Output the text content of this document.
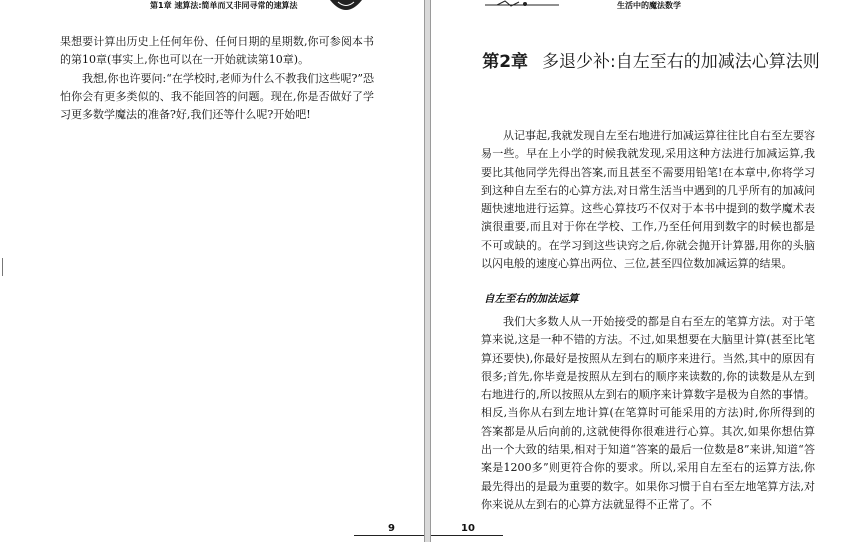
第1章 速算法:简单而又非同寻常的速算法

果想要计算出历史上任何年份、任何日期的星期数,你可参阅本书的第10章(事实上,你也可以在一开始就读第10章)。

我想,你也许要问:“在学校时,老师为什么不教我们这些呢?”恐怕你会有更多类似的、我不能回答的问题。现在,你是否做好了学习更多数学魔法的准备?好,我们还等什么呢?开始吧!

9
生活中的魔法数学
第2章 多退少补:自左至右的加减法心算法则

从记事起,我就发现自左至右地进行加减运算往往比自右至左要容易一些。早在上小学的时候我就发现,采用这种方法进行加减运算,我要比其他同学先得出答案,而且甚至不需要用铅笔!在本章中,你将学习到这种自左至右的心算方法,对日常生活当中遇到的几乎所有的加减问题快速地进行运算。这些心算技巧不仅对于本书中提到的数学魔术表演很重要,而且对于你在学校、工作,乃至任何用到数字的时候也都是不可或缺的。在学习到这些诀窍之后,你就会抛开计算器,用你的头脑以闪电般的速度心算出两位、三位,甚至四位数加减运算的结果。

自左至右的加法运算

我们大多数人从一开始接受的都是自右至左的笔算方法。对于笔算来说,这是一种不错的方法。不过,如果想要在大脑里计算(甚至比笔算还要快),你最好是按照从左到右的顺序来进行。当然,其中的原因有很多;首先,你毕竟是按照从左到右的顺序来读数的,你的读数是从左到右地进行的,所以按照从左到右的顺序来计算数字是极为自然的事情。相反,当你从右到左地计算(在笔算时可能采用的方法)时,你所得到的答案都是从后向前的,这就使得你很难进行心算。其次,如果你想估算出一个大致的结果,相对于知道“答案的最后一位数是8”来讲,知道“答案是1200多”则更符合你的要求。所以,采用自左至右的运算方法,你最先得出的是最为重要的数字。如果你习惯于自右至左地笔算方法,对你来说从左到右的心算方法就显得不正常了。不

10
